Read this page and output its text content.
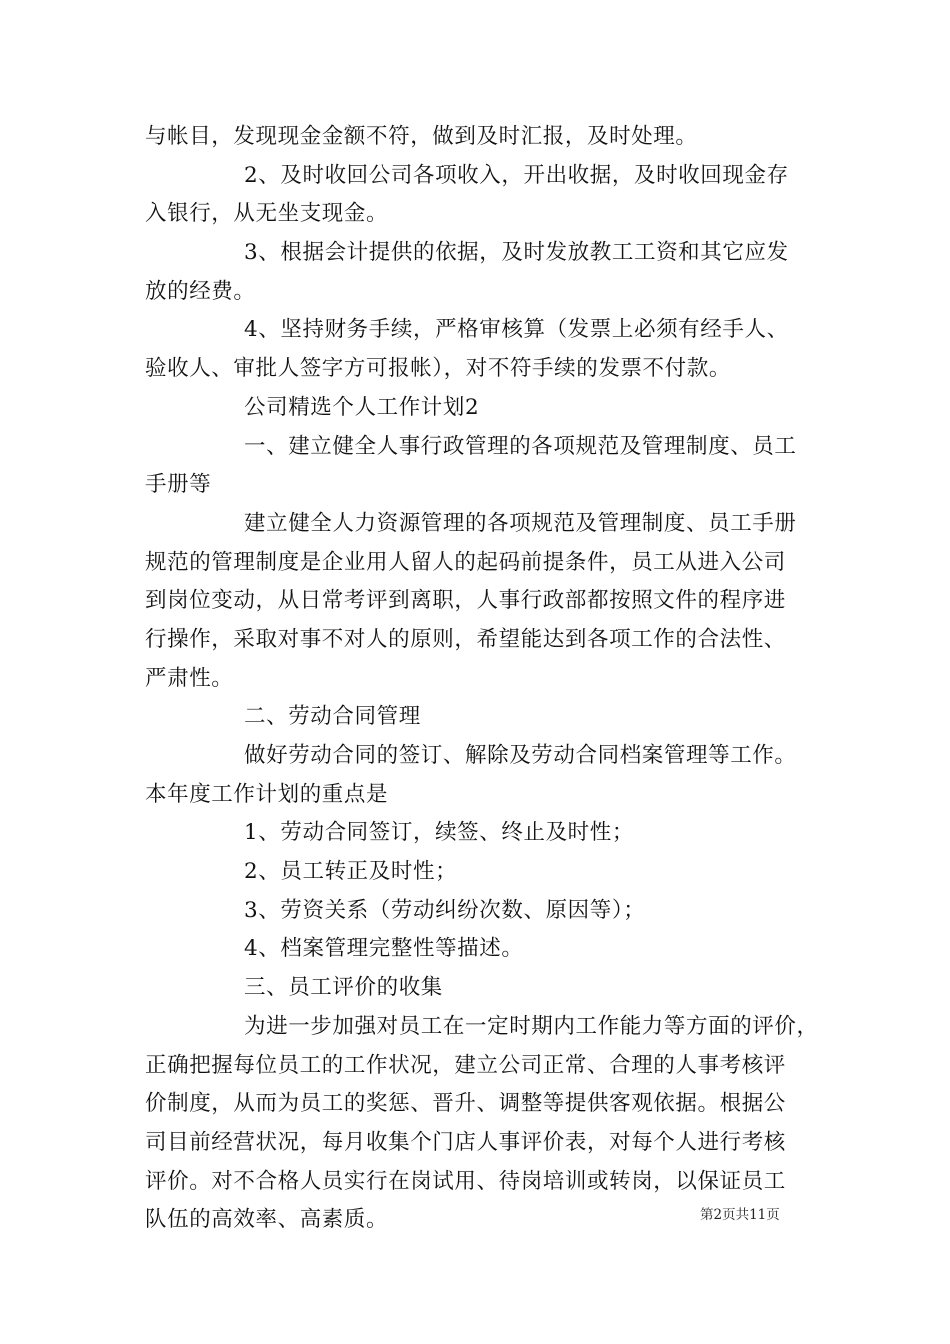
与帐目，发现现金金额不符，做到及时汇报，及时处理。
2、及时收回公司各项收入，开出收据，及时收回现金存
入银行，从无坐支现金。
3、根据会计提供的依据，及时发放教工工资和其它应发
放的经费。
4、坚持财务手续，严格审核算（发票上必须有经手人、
验收人、审批人签字方可报帐），对不符手续的发票不付款。
公司精选个人工作计划2
一、建立健全人事行政管理的各项规范及管理制度、员工
手册等
建立健全人力资源管理的各项规范及管理制度、员工手册
规范的管理制度是企业用人留人的起码前提条件，员工从进入公司
到岗位变动，从日常考评到离职，人事行政部都按照文件的程序进
行操作，采取对事不对人的原则，希望能达到各项工作的合法性、
严肃性。
二、劳动合同管理
做好劳动合同的签订、解除及劳动合同档案管理等工作。
本年度工作计划的重点是
1、劳动合同签订，续签、终止及时性；
2、员工转正及时性；
3、劳资关系（劳动纠纷次数、原因等）；
4、档案管理完整性等描述。
三、员工评价的收集
为进一步加强对员工在一定时期内工作能力等方面的评价，
正确把握每位员工的工作状况，建立公司正常、合理的人事考核评
价制度，从而为员工的奖惩、晋升、调整等提供客观依据。根据公
司目前经营状况，每月收集个门店人事评价表，对每个人进行考核
评价。对不合格人员实行在岗试用、待岗培训或转岗，以保证员工
队伍的高效率、高素质。	第2页共11页
